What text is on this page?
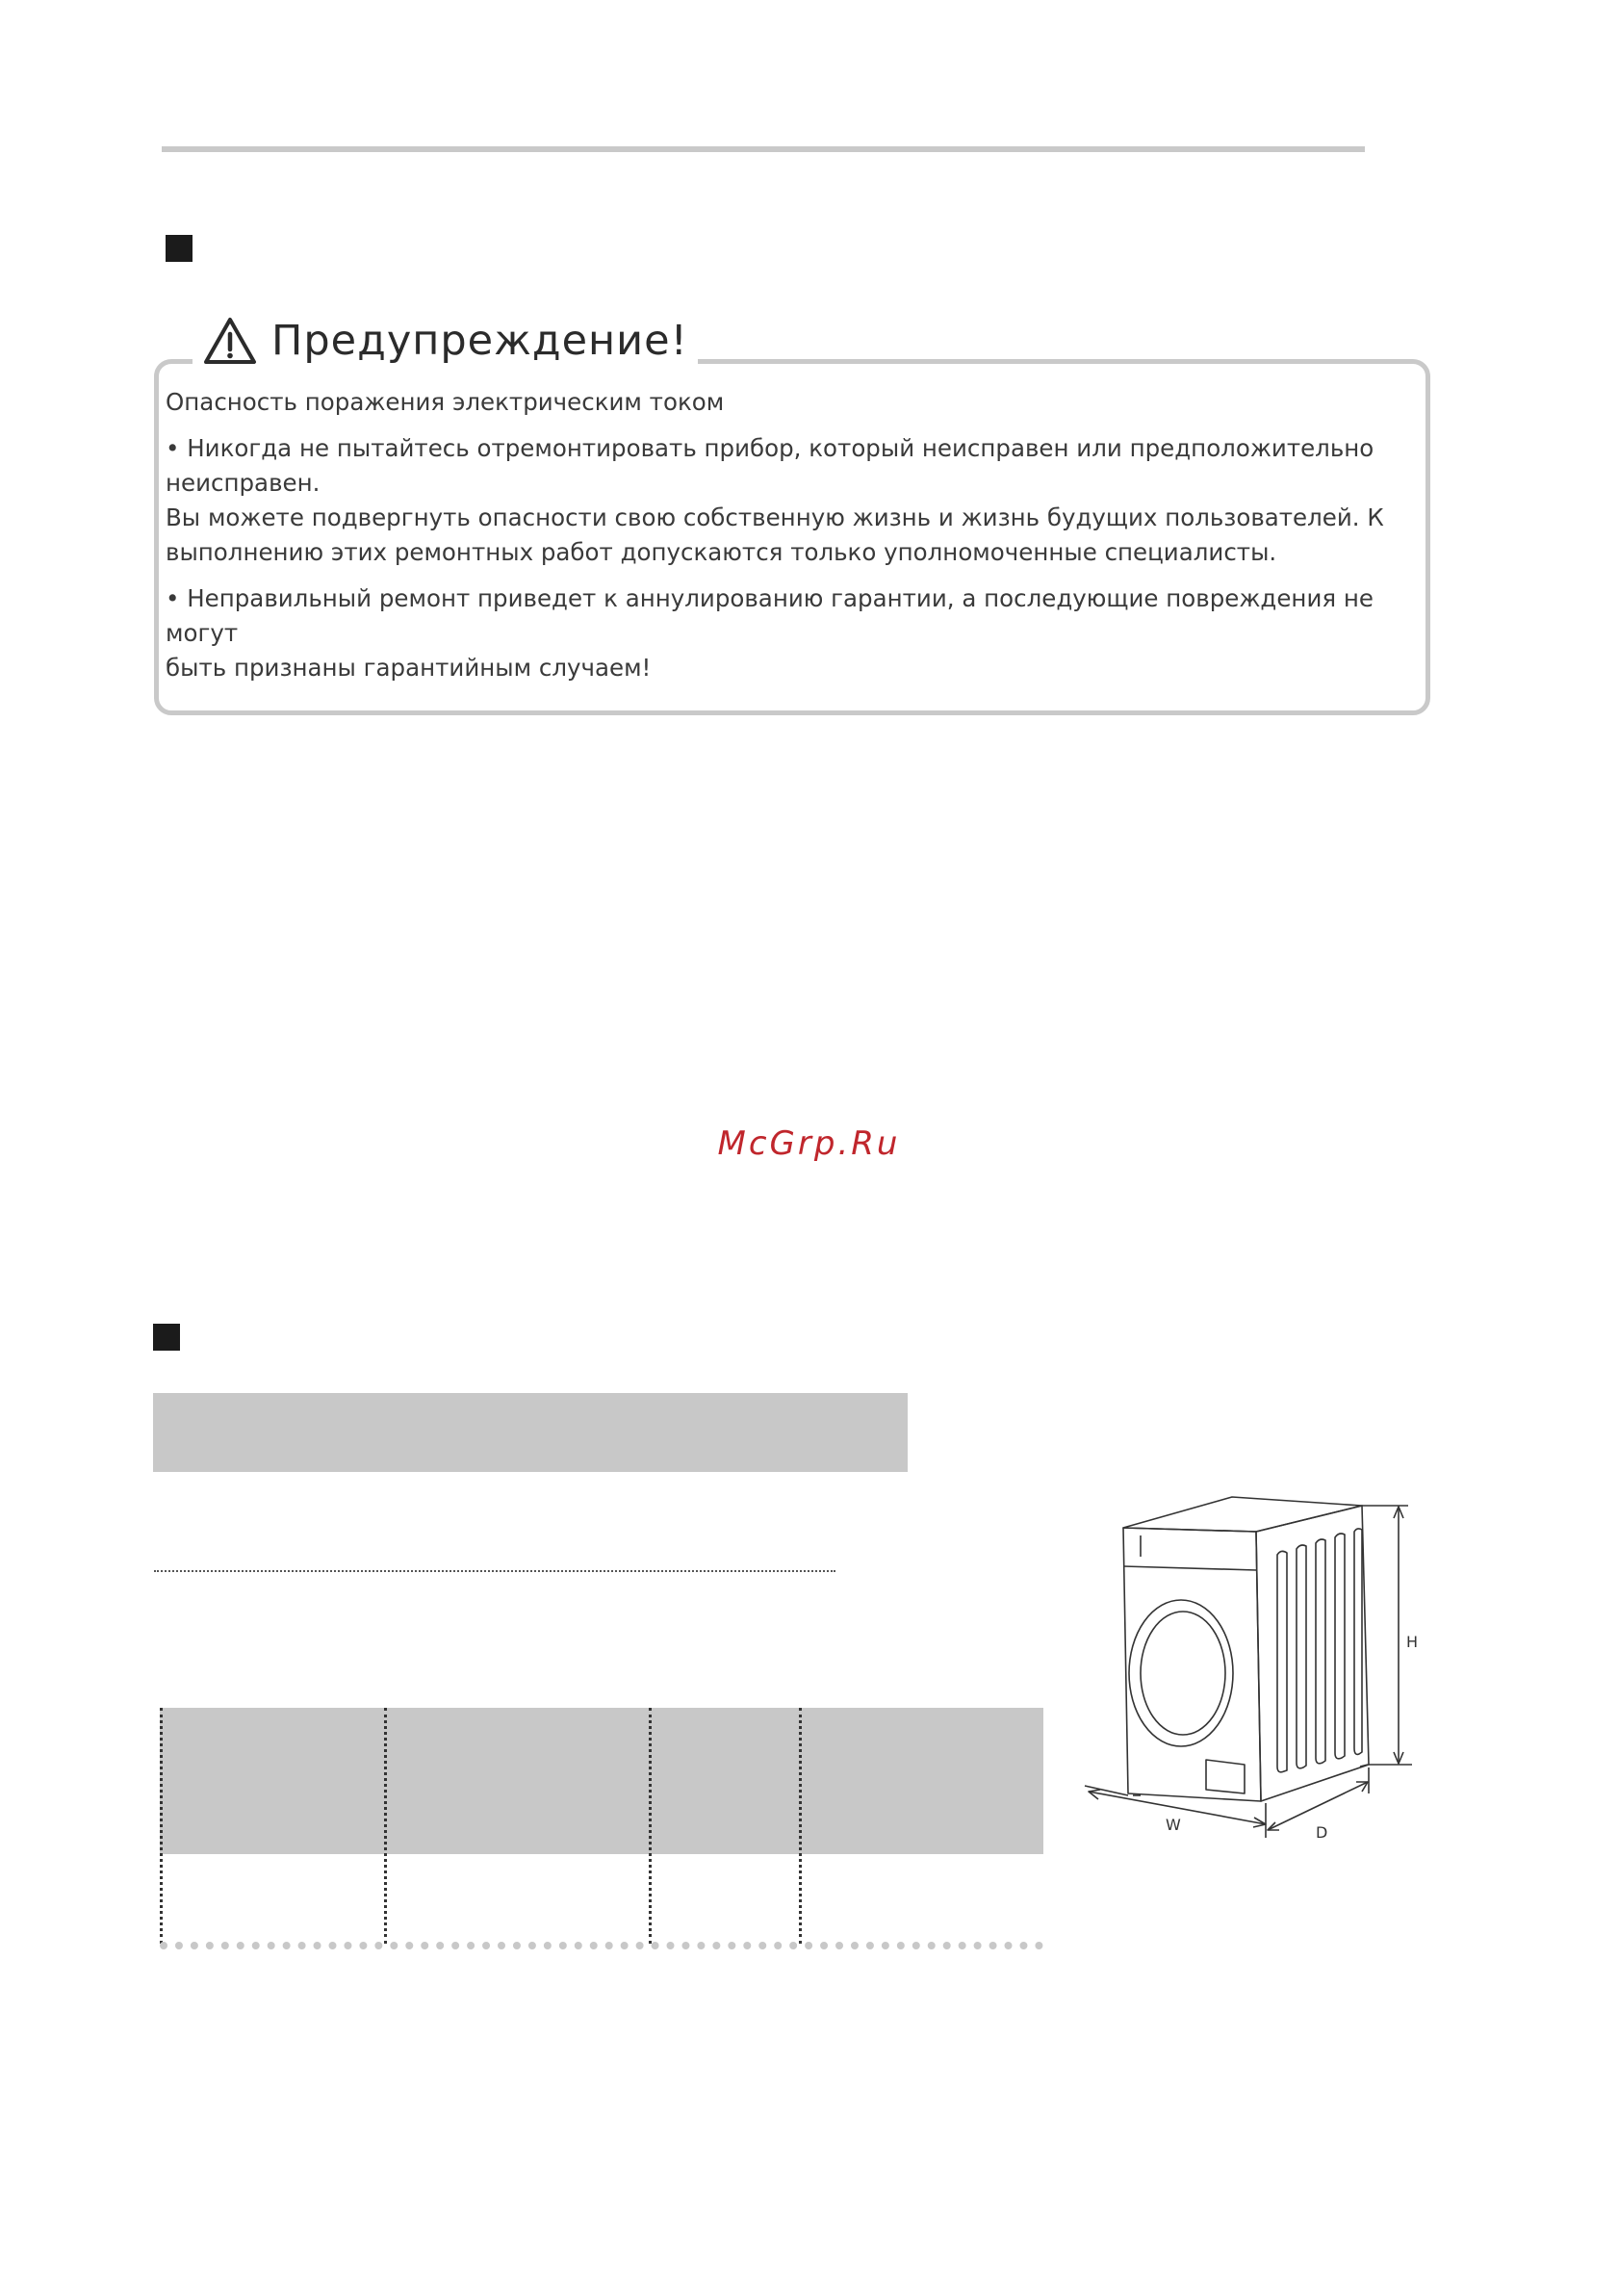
Предупреждение!

Опасность поражения электрическим током

• Никогда не пытайтесь отремонтировать прибор, который неисправен или предположительно
неисправен.
Вы можете подвергнуть опасности свою собственную жизнь и жизнь будущих пользователей. К
выполнению этих ремонтных работ допускаются только уполномоченные специалисты.

• Неправильный ремонт приведет к аннулированию гарантии, а последующие повреждения не могут
быть признаны гарантийным случаем!

McGrp.Ru
H
W	D
